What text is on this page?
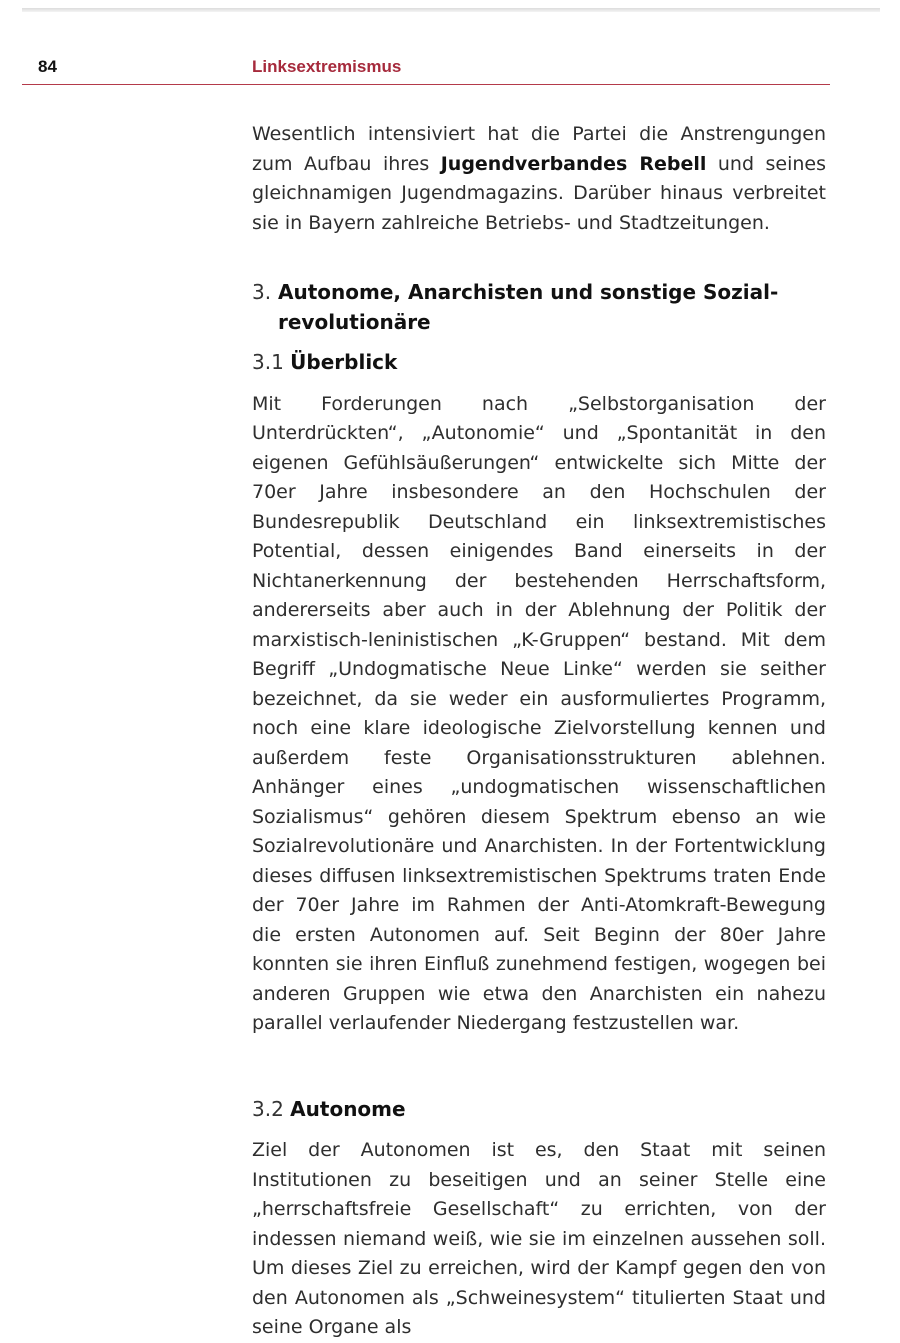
84	Linksextremismus

Wesentlich intensiviert hat die Partei die Anstrengungen zum Aufbau ihres Jugendverbandes Rebell und seines gleichnamigen Jugendmagazins. Darüber hinaus verbreitet sie in Bayern zahlreiche Betriebs- und Stadtzeitungen.

3. Autonome, Anarchisten und sonstige Sozialrevolutionäre
3.1 Überblick

Mit Forderungen nach „Selbstorganisation der Unterdrückten“, „Autonomie“ und „Spontanität in den eigenen Gefühlsäußerungen“ entwickelte sich Mitte der 70er Jahre insbesondere an den Hochschulen der Bundesrepublik Deutschland ein linksextremistisches Potential, dessen einigendes Band einerseits in der Nichtanerkennung der bestehenden Herrschaftsform, andererseits aber auch in der Ablehnung der Politik der marxistisch-leninistischen „K-Gruppen“ bestand. Mit dem Begriff „Undogmatische Neue Linke“ werden sie seither bezeichnet, da sie weder ein ausformuliertes Programm, noch eine klare ideologische Zielvorstellung kennen und außerdem feste Organisationsstrukturen ablehnen. Anhänger eines „undogmatischen wissenschaftlichen Sozialismus“ gehören diesem Spektrum ebenso an wie Sozialrevolutionäre und Anarchisten. In der Fortentwicklung dieses diffusen linksextremistischen Spektrums traten Ende der 70er Jahre im Rahmen der Anti-Atomkraft-Bewegung die ersten Autonomen auf. Seit Beginn der 80er Jahre konnten sie ihren Einfluß zunehmend festigen, wogegen bei anderen Gruppen wie etwa den Anarchisten ein nahezu parallel verlaufender Niedergang festzustellen war.

3.2 Autonome

Ziel der Autonomen ist es, den Staat mit seinen Institutionen zu beseitigen und an seiner Stelle eine „herrschaftsfreie Gesellschaft“ zu errichten, von der indessen niemand weiß, wie sie im einzelnen aussehen soll. Um dieses Ziel zu erreichen, wird der Kampf gegen den von den Autonomen als „Schweinesystem“ titulierten Staat und seine Organe als
